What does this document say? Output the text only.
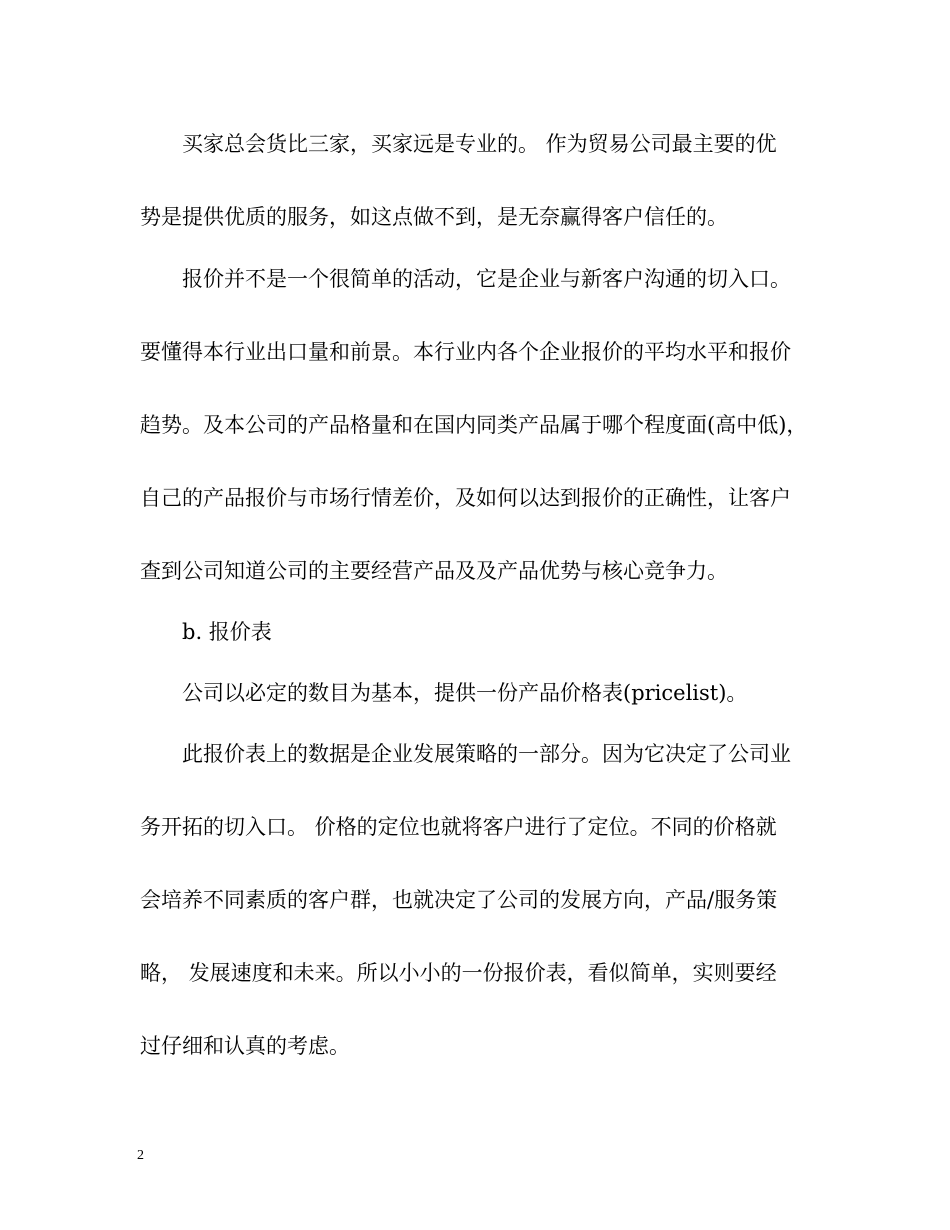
买家总会货比三家，买家远是专业的。 作为贸易公司最主要的优
势是提供优质的服务，如这点做不到，是无奈赢得客户信任的。
报价并不是一个很简单的活动，它是企业与新客户沟通的切入口。
要懂得本行业出口量和前景。本行业内各个企业报价的平均水平和报价
趋势。及本公司的产品格量和在国内同类产品属于哪个程度面(高中低)，
自己的产品报价与市场行情差价，及如何以达到报价的正确性，让客户
查到公司知道公司的主要经营产品及及产品优势与核心竞争力。
b. 报价表
公司以必定的数目为基本，提供一份产品价格表(pricelist)。
此报价表上的数据是企业发展策略的一部分。因为它决定了公司业
务开拓的切入口。 价格的定位也就将客户进行了定位。不同的价格就
会培养不同素质的客户群，也就决定了公司的发展方向，产品/服务策
略， 发展速度和未来。所以小小的一份报价表，看似简单，实则要经
过仔细和认真的考虑。
2
